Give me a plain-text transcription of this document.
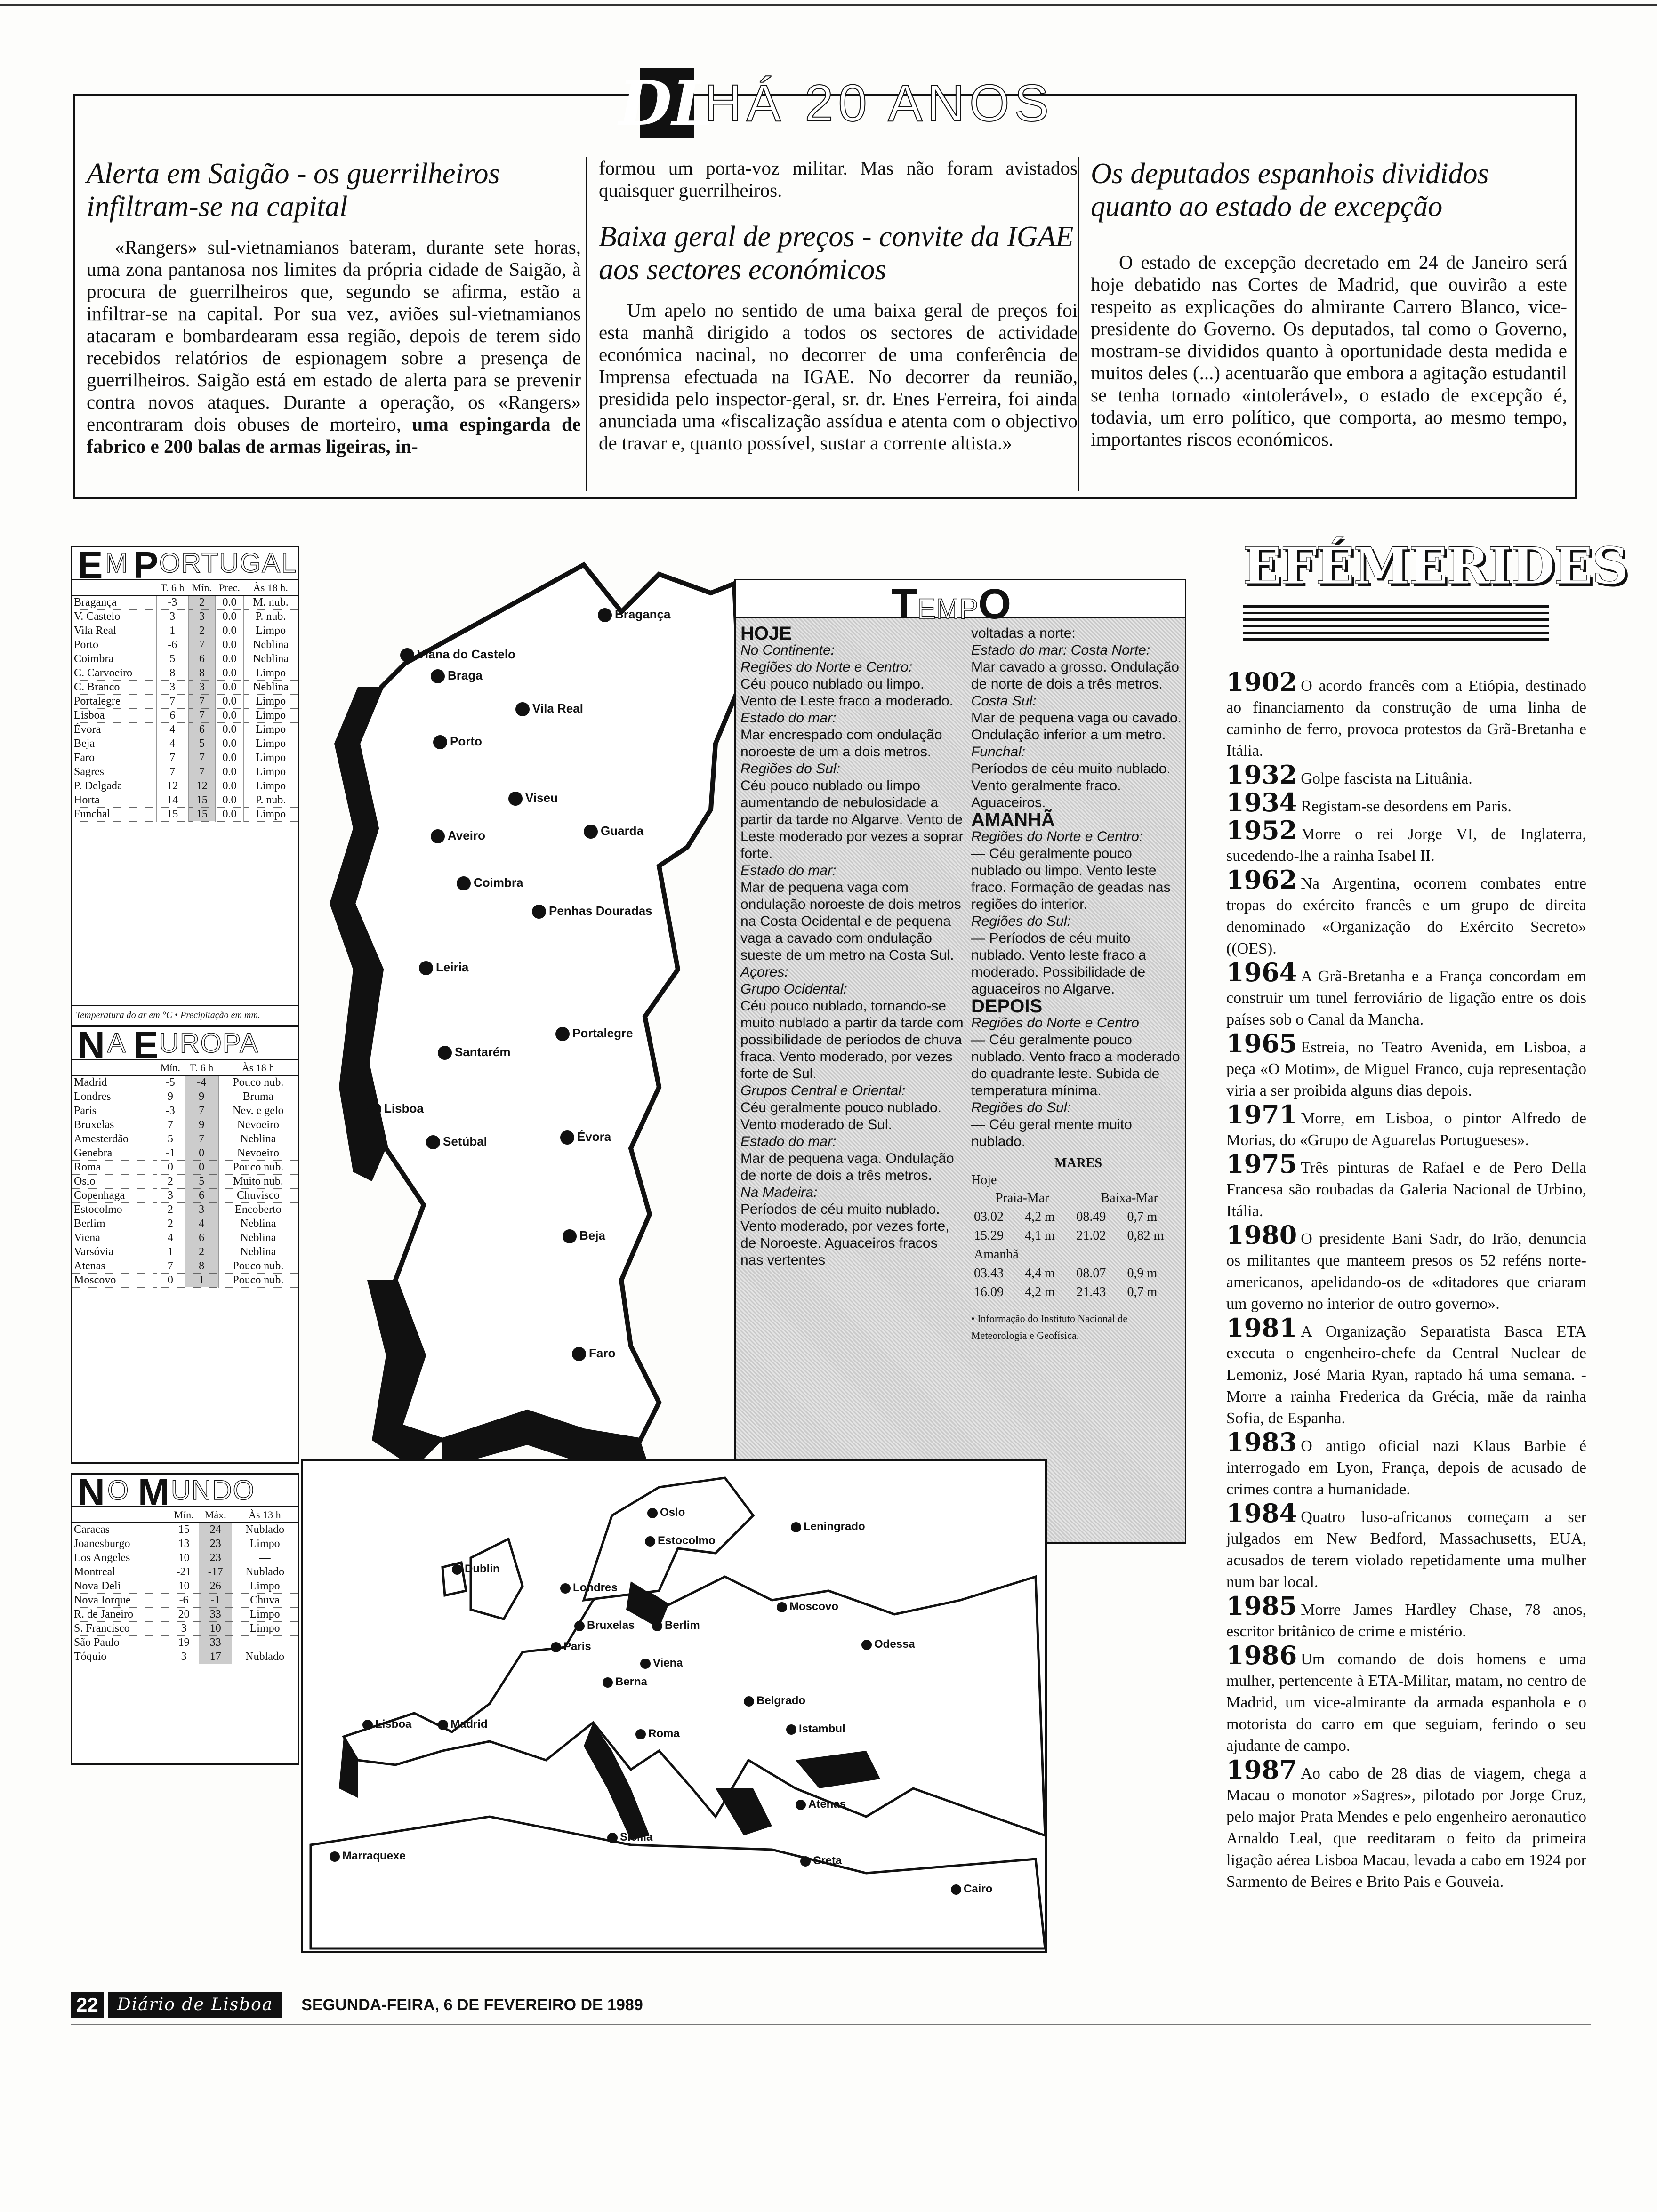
DL
HÁ 20 ANOS
Alerta em Saigão - os guerrilheiros infiltram-se na capital

«Rangers» sul-vietnamianos bateram, durante sete horas, uma zona pantanosa nos limites da própria cidade de Saigão, à procura de guerrilheiros que, segundo se afirma, estão a infiltrar-se na capital. Por sua vez, aviões sul-vietnamianos atacaram e bombardearam essa região, depois de terem sido recebidos relatórios de espionagem sobre a presença de guerrilheiros. Saigão está em estado de alerta para se prevenir contra novos ataques. Durante a operação, os «Rangers» encontraram dois obuses de morteiro, uma espingarda de fabrico e 200 balas de armas ligeiras, in-

formou um porta-voz militar. Mas não foram avistados quaisquer guerrilheiros.

Baixa geral de preços - convite da IGAE aos sectores económicos

Um apelo no sentido de uma baixa geral de preços foi esta manhã dirigido a todos os sectores de actividade económica nacinal, no decorrer de uma conferência de Imprensa efectuada na IGAE. No decorrer da reunião, presidida pelo inspector-geral, sr. dr. Enes Ferreira, foi ainda anunciada uma «fiscalização assídua e atenta com o objectivo de travar e, quanto possível, sustar a corrente altista.»

Os deputados espanhois divididos quanto ao estado de excepção

O estado de excepção decretado em 24 de Janeiro será hoje debatido nas Cortes de Madrid, que ouvirão a este respeito as explicações do almirante Carrero Blanco, vice-presidente do Governo. Os deputados, tal como o Governo, mostram-se divididos quanto à oportunidade desta medida e muitos deles (...) acentuarão que embora a agitação estudantil se tenha tornado «intolerável», o estado de excepção é, todavia, um erro político, que comporta, ao mesmo tempo, importantes riscos económicos.

E M P ORTUGAL
	T. 6 h	Mín.	Prec.	Às 18 h.
Bragança	-3	2	0.0	M. nub.
V. Castelo	3	3	0.0	P. nub.
Vila Real	1	2	0.0	Limpo
Porto	-6	7	0.0	Neblina
Coimbra	5	6	0.0	Neblina
C. Carvoeiro	8	8	0.0	Limpo
C. Branco	3	3	0.0	Neblina
Portalegre	7	7	0.0	Limpo
Lisboa	6	7	0.0	Limpo
Évora	4	6	0.0	Limpo
Beja	4	5	0.0	Limpo
Faro	7	7	0.0	Limpo
Sagres	7	7	0.0	Limpo
P. Delgada	12	12	0.0	Limpo
Horta	14	15	0.0	P. nub.
Funchal	15	15	0.0	Limpo
Temperatura do ar em °C • Precipitação em mm.
N A E UROPA
	Mín.	T. 6 h	Às 18 h
Madrid	-5	-4	Pouco nub.
Londres	9	9	Bruma
Paris	-3	7	Nev. e gelo
Bruxelas	7	9	Nevoeiro
Amesterdão	5	7	Neblina
Genebra	-1	0	Nevoeiro
Roma	0	0	Pouco nub.
Oslo	2	5	Muito nub.
Copenhaga	3	6	Chuvisco
Estocolmo	2	3	Encoberto
Berlim	2	4	Neblina
Viena	4	6	Neblina
Varsóvia	1	2	Neblina
Atenas	7	8	Pouco nub.
Moscovo	0	1	Pouco nub.
N O M UNDO
	Mín.	Máx.	Às 13 h
Caracas	15	24	Nublado
Joanesburgo	13	23	Limpo
Los Angeles	10	23	—
Montreal	-21	-17	Nublado
Nova Deli	10	26	Limpo
Nova Iorque	-6	-1	Chuva
R. de Janeiro	20	33	Limpo
S. Francisco	3	10	Limpo
São Paulo	19	33	—
Tóquio	3	17	Nublado
Viana do Castelo
Bragança
Braga
Vila Real
Porto
Viseu
Aveiro	Guarda
Coimbra
Penhas Douradas
Leiria
Portalegre
Santarém
Lisboa
Évora
Setúbal
Beja
Faro
TEMPO
HOJE
No Continente:
Regiões do Norte e Centro:
Céu pouco nublado ou limpo. Vento de Leste fraco a moderado.
Estado do mar:
Mar encrespado com ondulação noroeste de um a dois metros.
Regiões do Sul:
Céu pouco nublado ou limpo aumentando de nebulosidade a partir da tarde no Algarve. Vento de Leste moderado por vezes a soprar forte.
Estado do mar:
Mar de pequena vaga com ondulação noroeste de dois metros na Costa Ocidental e de pequena vaga a cavado com ondulação sueste de um metro na Costa Sul.
Açores:
Grupo Ocidental:
Céu pouco nublado, tornando-se muito nublado a partir da tarde com possibilidade de períodos de chuva fraca. Vento moderado, por vezes forte de Sul.
Grupos Central e Oriental:
Céu geralmente pouco nublado. Vento moderado de Sul.
Estado do mar:
Mar de pequena vaga. Ondulação de norte de dois a três metros.
Na Madeira:
Períodos de céu muito nublado. Vento moderado, por vezes forte, de Noroeste. Aguaceiros fracos nas vertentes
voltadas a norte:
Estado do mar: Costa Norte:
Mar cavado a grosso. Ondulação de norte de dois a três metros.
Costa Sul:
Mar de pequena vaga ou cavado. Ondulação inferior a um metro.
Funchal:
Períodos de céu muito nublado. Vento geralmente fraco. Aguaceiros.
AMANHÃ
Regiões do Norte e Centro:
— Céu geralmente pouco nublado ou limpo. Vento leste fraco. Formação de geadas nas regiões do interior.
Regiões do Sul:
— Períodos de céu muito nublado. Vento leste fraco a moderado. Possibilidade de aguaceiros no Algarve.
DEPOIS
Regiões do Norte e Centro
— Céu geralmente pouco nublado. Vento fraco a moderado do quadrante leste. Subida de temperatura mínima.
Regiões do Sul:
— Céu geral mente muito nublado.
MARES
Hoje
Praia-Mar		Baixa-Mar	
03.02	4,2 m	08.49	0,7 m
15.29	4,1 m	21.02	0,82 m
Amanhã			
03.43	4,4 m	08.07	0,9 m
16.09	4,2 m	21.43	0,7 m
• Informação do Instituto Nacional de Meteorologia e Geofísica.
Oslo
Estocolmo
Leningrado
Dublin
Londres
Moscovo
Bruxelas	Berlim
Paris
Viena
Odessa
Berna
Belgrado
Lisboa	Madrid
Roma	Istambul
Atenas
Sicília
Creta
Marraquexe
Cairo
EFÉMERIDES
1902 O acordo francês com a Etiópia, destinado ao financiamento da construção de uma linha de caminho de ferro, provoca protestos da Grã-Bretanha e Itália.
1932 Golpe fascista na Lituânia.
1934 Registam-se desordens em Paris.
1952 Morre o rei Jorge VI, de Inglaterra, sucedendo-lhe a rainha Isabel II.
1962 Na Argentina, ocorrem combates entre tropas do exército francês e um grupo de direita denominado «Organização do Exército Secreto» ((OES).
1964 A Grã-Bretanha e a França concordam em construir um tunel ferroviário de ligação entre os dois países sob o Canal da Mancha.
1965 Estreia, no Teatro Avenida, em Lisboa, a peça «O Motim», de Miguel Franco, cuja representação viria a ser proibida alguns dias depois.
1971 Morre, em Lisboa, o pintor Alfredo de Morias, do «Grupo de Aguarelas Portugueses».
1975 Três pinturas de Rafael e de Pero Della Francesa são roubadas da Galeria Nacional de Urbino, Itália.
1980 O presidente Bani Sadr, do Irão, denuncia os militantes que manteem presos os 52 reféns norte-americanos, apelidando-os de «ditadores que criaram um governo no interior de outro governo».
1981 A Organização Separatista Basca ETA executa o engenheiro-chefe da Central Nuclear de Lemoniz, José Maria Ryan, raptado há uma semana. - Morre a rainha Frederica da Grécia, mãe da rainha Sofia, de Espanha.
1983 O antigo oficial nazi Klaus Barbie é interrogado em Lyon, França, depois de acusado de crimes contra a humanidade.
1984 Quatro luso-africanos começam a ser julgados em New Bedford, Massachusetts, EUA, acusados de terem violado repetidamente uma mulher num bar local.
1985 Morre James Hardley Chase, 78 anos, escritor britânico de crime e mistério.
1986 Um comando de dois homens e uma mulher, pertencente à ETA-Militar, matam, no centro de Madrid, um vice-almirante da armada espanhola e o motorista do carro em que seguiam, ferindo o seu ajudante de campo.
1987 Ao cabo de 28 dias de viagem, chega a Macau o monotor »Sagres», pilotado por Jorge Cruz, pelo major Prata Mendes e pelo engenheiro aeronautico Arnaldo Leal, que reeditaram o feito da primeira ligação aérea Lisboa Macau, levada a cabo em 1924 por Sarmento de Beires e Brito Pais e Gouveia.
22	Diário de Lisboa	SEGUNDA-FEIRA, 6 DE FEVEREIRO DE 1989
